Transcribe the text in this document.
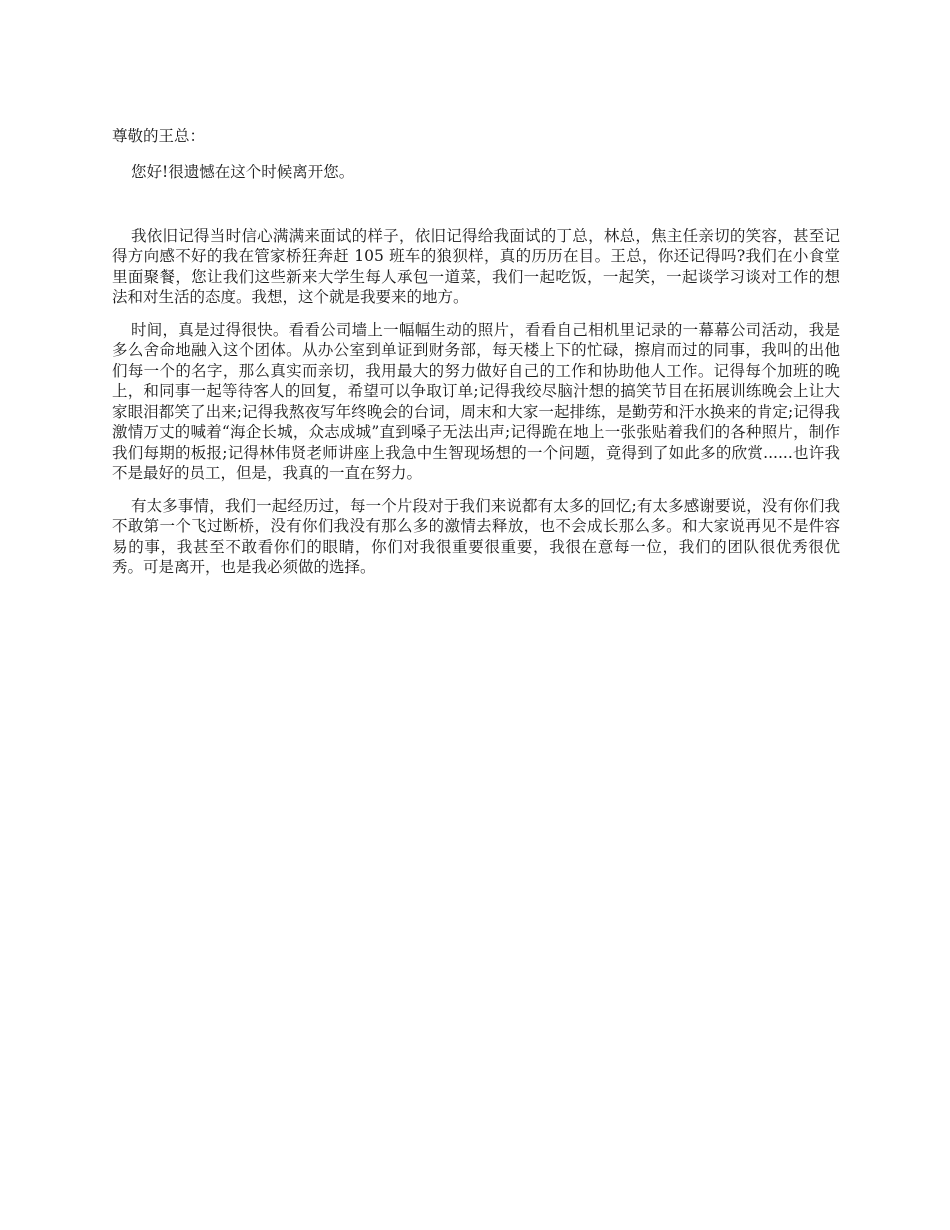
尊敬的王总：

您好!很遗憾在这个时候离开您。

我依旧记得当时信心满满来面试的样子，依旧记得给我面试的丁总，林总，焦主任亲切的笑容，甚至记得方向感不好的我在管家桥狂奔赶 105 班车的狼狈样，真的历历在目。王总，你还记得吗?我们在小食堂里面聚餐，您让我们这些新来大学生每人承包一道菜，我们一起吃饭，一起笑，一起谈学习谈对工作的想法和对生活的态度。我想，这个就是我要来的地方。

时间，真是过得很快。看看公司墙上一幅幅生动的照片，看看自己相机里记录的一幕幕公司活动，我是多么舍命地融入这个团体。从办公室到单证到财务部，每天楼上下的忙碌，擦肩而过的同事，我叫的出他们每一个的名字，那么真实而亲切，我用最大的努力做好自己的工作和协助他人工作。记得每个加班的晚上，和同事一起等待客人的回复，希望可以争取订单;记得我绞尽脑汁想的搞笑节目在拓展训练晚会上让大家眼泪都笑了出来;记得我熬夜写年终晚会的台词，周末和大家一起排练，是勤劳和汗水换来的肯定;记得我激情万丈的喊着“海企长城，众志成城”直到嗓子无法出声;记得跪在地上一张张贴着我们的各种照片，制作我们每期的板报;记得林伟贤老师讲座上我急中生智现场想的一个问题，竟得到了如此多的欣赏......也许我不是最好的员工，但是，我真的一直在努力。

有太多事情，我们一起经历过，每一个片段对于我们来说都有太多的回忆;有太多感谢要说，没有你们我不敢第一个飞过断桥，没有你们我没有那么多的激情去释放，也不会成长那么多。和大家说再见不是件容易的事，我甚至不敢看你们的眼睛，你们对我很重要很重要，我很在意每一位，我们的团队很优秀很优秀。可是离开，也是我必须做的选择。
